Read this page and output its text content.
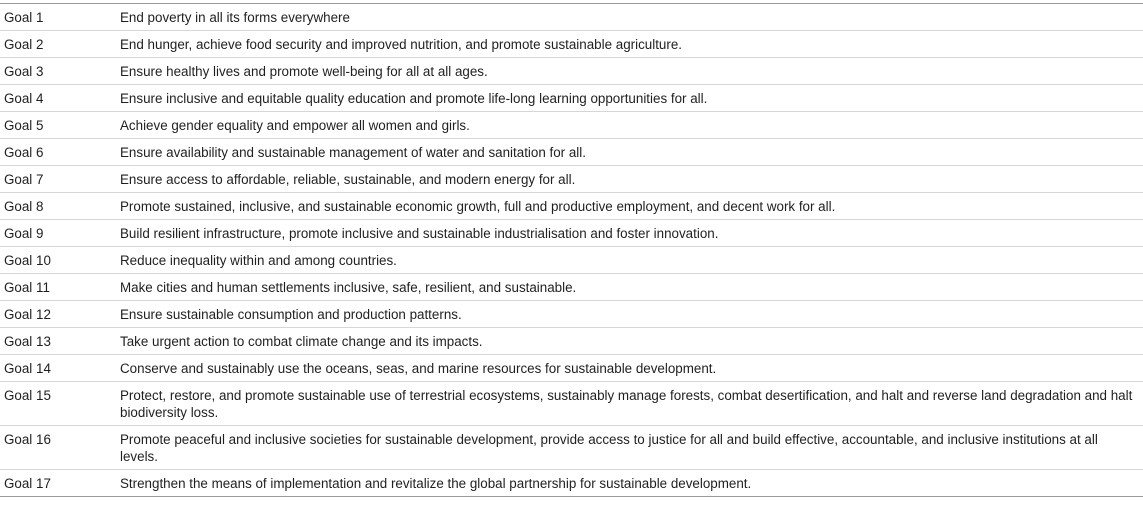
Goal 1	End poverty in all its forms everywhere
Goal 2	End hunger, achieve food security and improved nutrition, and promote sustainable agriculture.
Goal 3	Ensure healthy lives and promote well-being for all at all ages.
Goal 4	Ensure inclusive and equitable quality education and promote life-long learning opportunities for all.
Goal 5	Achieve gender equality and empower all women and girls.
Goal 6	Ensure availability and sustainable management of water and sanitation for all.
Goal 7	Ensure access to affordable, reliable, sustainable, and modern energy for all.
Goal 8	Promote sustained, inclusive, and sustainable economic growth, full and productive employment, and decent work for all.
Goal 9	Build resilient infrastructure, promote inclusive and sustainable industrialisation and foster innovation.
Goal 10	Reduce inequality within and among countries.
Goal 11	Make cities and human settlements inclusive, safe, resilient, and sustainable.
Goal 12	Ensure sustainable consumption and production patterns.
Goal 13	Take urgent action to combat climate change and its impacts.
Goal 14	Conserve and sustainably use the oceans, seas, and marine resources for sustainable development.
Goal 15	Protect, restore, and promote sustainable use of terrestrial ecosystems, sustainably manage forests, combat desertification, and halt and reverse land degradation and halt biodiversity loss.
Goal 16	Promote peaceful and inclusive societies for sustainable development, provide access to justice for all and build effective, accountable, and inclusive institutions at all levels.
Goal 17	Strengthen the means of implementation and revitalize the global partnership for sustainable development.
